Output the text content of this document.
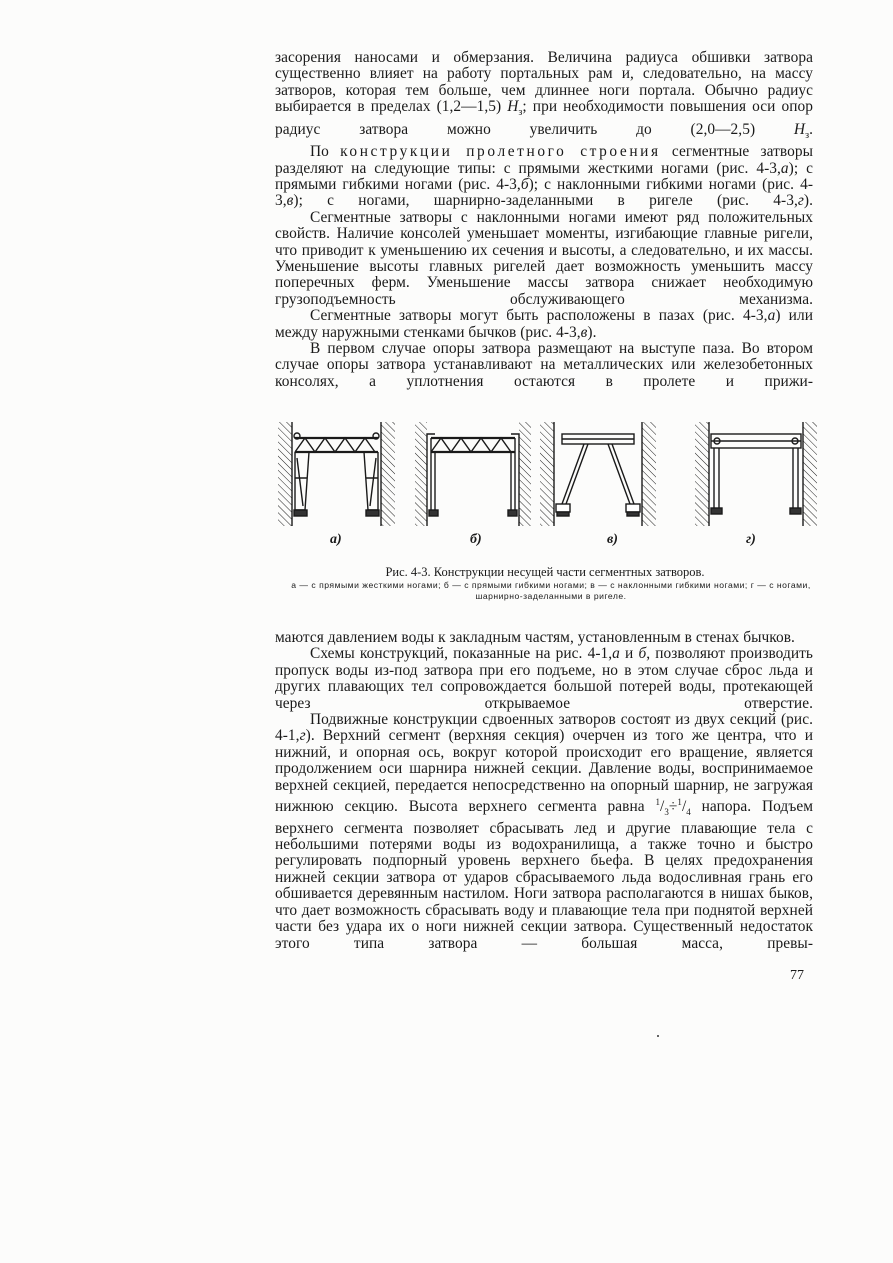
засорения наносами и обмерзания. Величина радиуса обшивки затвора существенно влияет на работу портальных рам и, следовательно, на массу затворов, которая тем больше, чем длиннее ноги портала. Обычно радиус выбирается в пределах (1,2—1,5) $Н_з$; при необходимости повышения оси опор радиус затвора можно увеличить до (2,0—2,5) $Н_з$.

По конструкции пролетного строения сегментные затворы разделяют на следующие типы: с прямыми жесткими ногами (рис. 4-3,а); с прямыми гибкими ногами (рис. 4-3,б); с наклонными гибкими ногами (рис. 4-3,в); с ногами, шарнирно-заделанными в ригеле (рис. 4-3,г).

Сегментные затворы с наклонными ногами имеют ряд положительных свойств. Наличие консолей уменьшает моменты, изгибающие главные ригели, что приводит к уменьшению их сечения и высоты, а следовательно, и их массы. Уменьшение высоты главных ригелей дает возможность уменьшить массу поперечных ферм. Уменьшение массы затвора снижает необходимую грузоподъемность обслуживающего механизма.

Сегментные затворы могут быть расположены в пазах (рис. 4-3,а) или между наружными стенками бычков (рис. 4-3,в).

В первом случае опоры затвора размещают на выступе паза. Во втором случае опоры затвора устанавливают на металлических или железобетонных консолях, а уплотнения остаются в пролете и прижи-

а)	б)	в)	г)
Рис. 4-3. Конструкции несущей части сегментных затворов.
а — с прямыми жесткими ногами; б — с прямыми гибкими ногами; в — с наклонными гибкими ногами; г — с ногами, шарнирно-заделанными в ригеле.

маются давлением воды к закладным частям, установленным в стенах бычков.

Схемы конструкций, показанные на рис. 4-1,а и б, позволяют производить пропуск воды из-под затвора при его подъеме, но в этом случае сброс льда и других плавающих тел сопровождается большой потерей воды, протекающей через открываемое отверстие.

Подвижные конструкции сдвоенных затворов состоят из двух секций (рис. 4-1,г). Верхний сегмент (верхняя секция) очерчен из того же центра, что и нижний, и опорная ось, вокруг которой происходит его вращение, является продолжением оси шарнира нижней секции. Давление воды, воспринимаемое верхней секцией, передается непосредственно на опорный шарнир, не загружая нижнюю секцию. Высота верхнего сегмента равна $^1/_3\div^1/_4$ напора. Подъем верхнего сегмента позволяет сбрасывать лед и другие плавающие тела с небольшими потерями воды из водохранилища, а также точно и быстро регулировать подпорный уровень верхнего бьефа. В целях предохранения нижней секции затвора от ударов сбрасываемого льда водосливная грань его обшивается деревянным настилом. Ноги затвора располагаются в нишах быков, что дает возможность сбрасывать воду и плавающие тела при поднятой верхней части без удара их о ноги нижней секции затвора. Существенный недостаток этого типа затвора — большая масса, превы-

77
